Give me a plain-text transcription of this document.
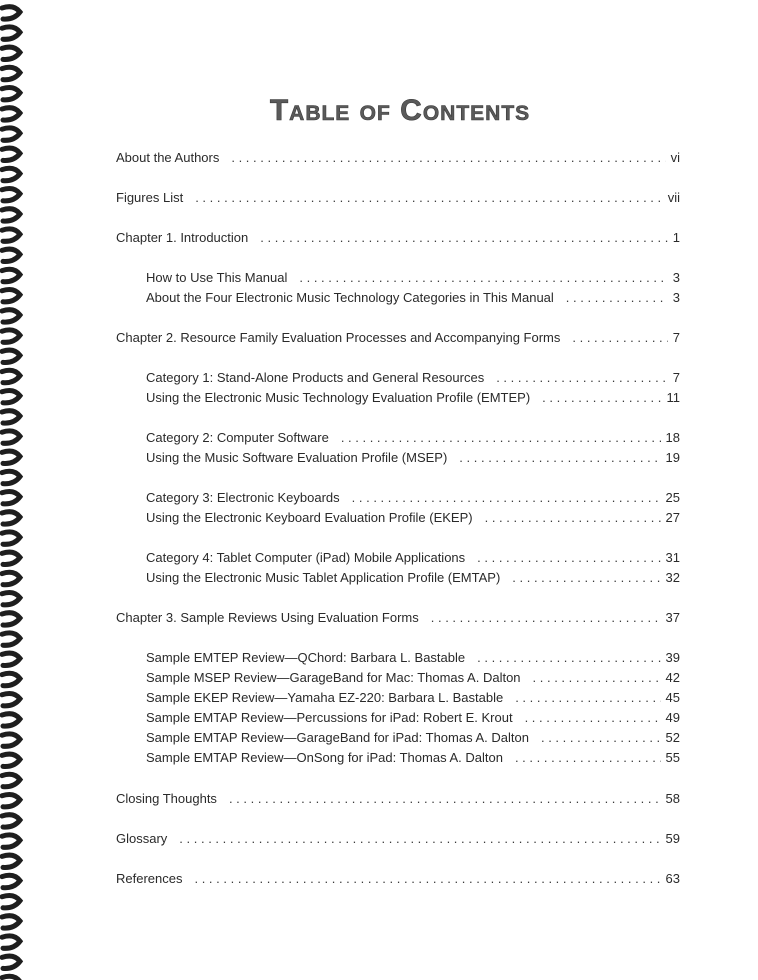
Table of Contents
About the Authors . . .	vi
Figures List . . .	vii
Chapter 1. Introduction . . .	1
How to Use This Manual . . .	3
About the Four Electronic Music Technology Categories in This Manual . . .	3
Chapter 2. Resource Family Evaluation Processes and Accompanying Forms . . .	7
Category 1: Stand-Alone Products and General Resources . . .	7
Using the Electronic Music Technology Evaluation Profile (EMTEP) . . .	11
Category 2: Computer Software . . .	18
Using the Music Software Evaluation Profile (MSEP) . . .	19
Category 3: Electronic Keyboards . . .	25
Using the Electronic Keyboard Evaluation Profile (EKEP) . . .	27
Category 4: Tablet Computer (iPad) Mobile Applications . . .	31
Using the Electronic Music Tablet Application Profile (EMTAP) . . .	32
Chapter 3. Sample Reviews Using Evaluation Forms . . .	37
Sample EMTEP Review—QChord: Barbara L. Bastable . . .	39
Sample MSEP Review—GarageBand for Mac: Thomas A. Dalton . . .	42
Sample EKEP Review—Yamaha EZ-220: Barbara L. Bastable . . .	45
Sample EMTAP Review—Percussions for iPad: Robert E. Krout . . .	49
Sample EMTAP Review—GarageBand for iPad: Thomas A. Dalton . . .	52
Sample EMTAP Review—OnSong for iPad: Thomas A. Dalton . . .	55
Closing Thoughts . . .	58
Glossary . . .	59
References . . .	63
